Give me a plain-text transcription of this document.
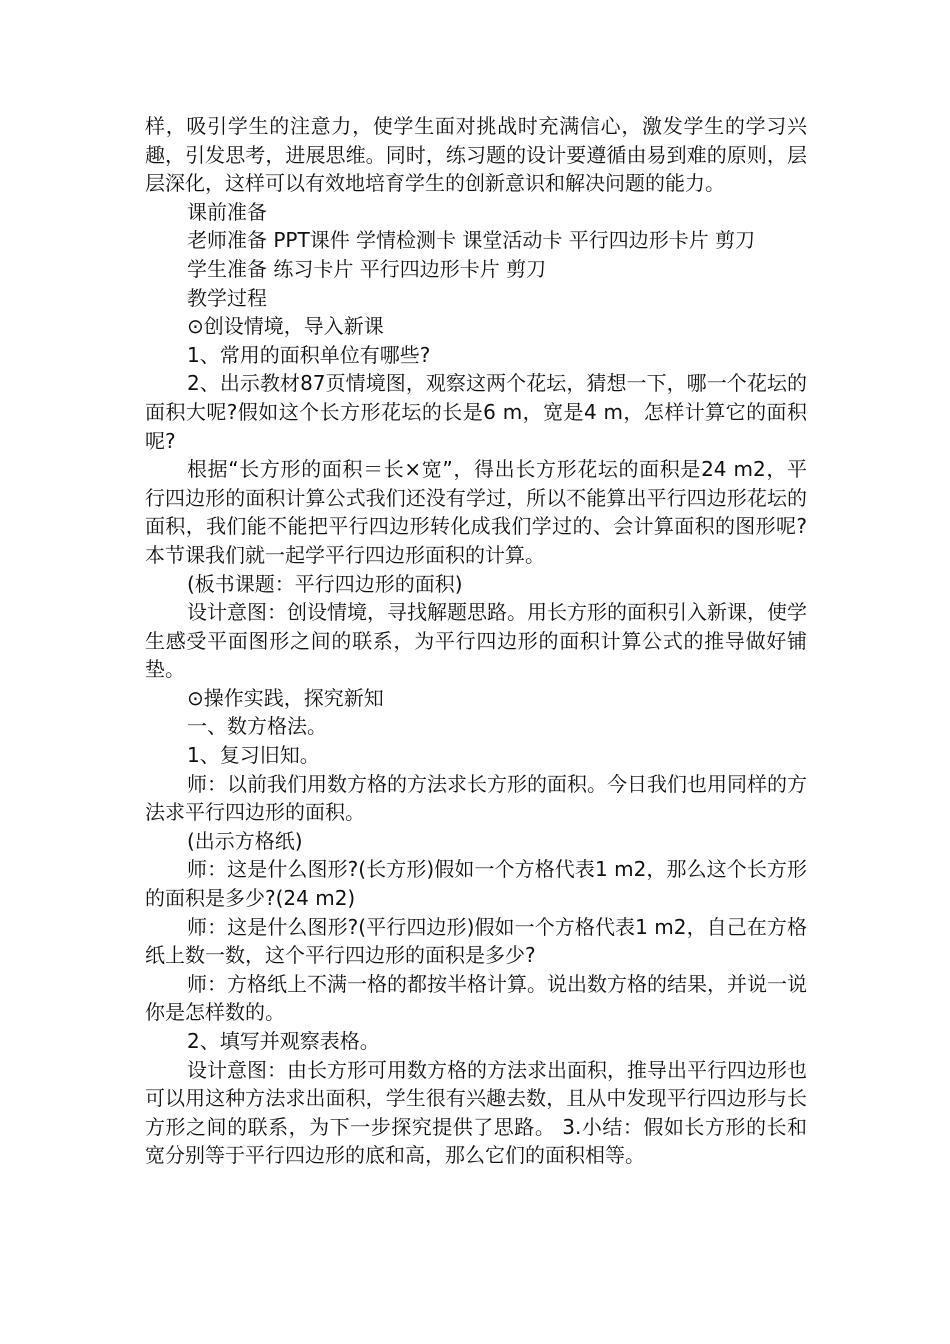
样，吸引学生的注意力，使学生面对挑战时充满信心，激发学生的学习兴趣，引发思考，进展思维。同时，练习题的设计要遵循由易到难的原则，层层深化，这样可以有效地培育学生的创新意识和解决问题的能力。

课前准备

老师准备 PPT课件 学情检测卡 课堂活动卡 平行四边形卡片 剪刀

学生准备 练习卡片 平行四边形卡片 剪刀

教学过程

⊙创设情境，导入新课

1、常用的面积单位有哪些?

2、出示教材87页情境图，观察这两个花坛，猜想一下，哪一个花坛的面积大呢?假如这个长方形花坛的长是6 m，宽是4 m，怎样计算它的面积呢?

根据“长方形的面积＝长×宽”，得出长方形花坛的面积是24 m2，平行四边形的面积计算公式我们还没有学过，所以不能算出平行四边形花坛的面积，我们能不能把平行四边形转化成我们学过的、会计算面积的图形呢?本节课我们就一起学平行四边形面积的计算。

(板书课题：平行四边形的面积)

设计意图：创设情境，寻找解题思路。用长方形的面积引入新课，使学生感受平面图形之间的联系，为平行四边形的面积计算公式的推导做好铺垫。

⊙操作实践，探究新知

一、数方格法。

1、复习旧知。

师：以前我们用数方格的方法求长方形的面积。今日我们也用同样的方法求平行四边形的面积。

(出示方格纸)

师：这是什么图形?(长方形)假如一个方格代表1 m2，那么这个长方形的面积是多少?(24 m2)

师：这是什么图形?(平行四边形)假如一个方格代表1 m2，自己在方格纸上数一数，这个平行四边形的面积是多少?

师：方格纸上不满一格的都按半格计算。说出数方格的结果，并说一说你是怎样数的。

2、填写并观察表格。

设计意图：由长方形可用数方格的方法求出面积，推导出平行四边形也可以用这种方法求出面积，学生很有兴趣去数，且从中发现平行四边形与长方形之间的联系，为下一步探究提供了思路。 3.小结：假如长方形的长和宽分别等于平行四边形的底和高，那么它们的面积相等。
